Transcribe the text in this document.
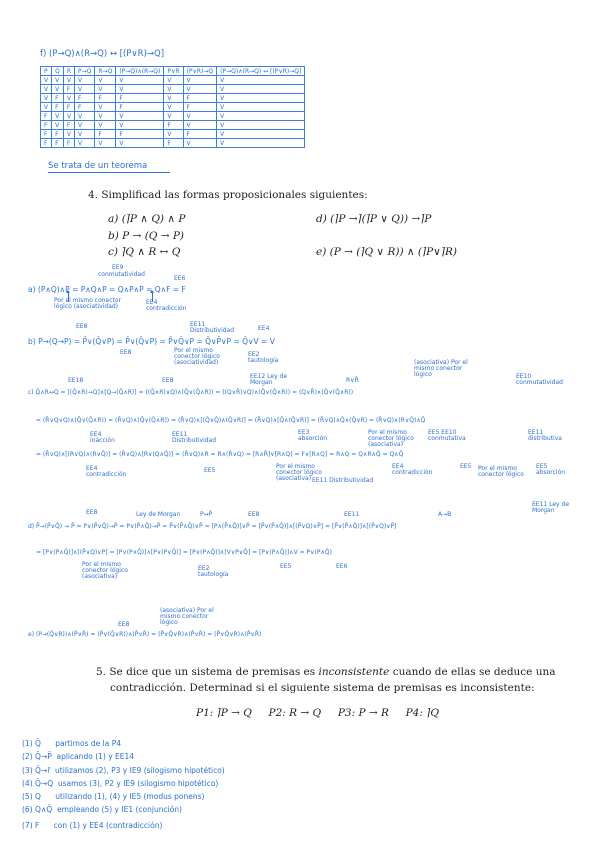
f) (P→Q)∧(R→Q) ↔ [(P∨R)→Q]
P	Q	R	P→Q	R→Q	(P→Q)∧(R→Q)	P∨R	(P∨R)→Q	(P→Q)∧(R→Q) ↔ [(P∨R)→Q]
V	V	V	V	V	V	V	V	V
V	V	F	V	V	V	V	V	V
V	F	V	F	F	F	V	F	V
V	F	F	F	V	F	V	F	V
F	V	V	V	V	V	V	V	V
F	V	F	V	V	V	F	V	V
F	F	V	V	F	F	V	F	V
F	F	F	V	V	V	F	V	V
Se trata de un teorema
4. Simplificad las formas proposicionales siguientes:
a) (⌉P ∧ Q) ∧ P	d) (⌉P →⌉(⌉P ∨ Q)) →⌉P
b) P → (Q → P)
c) ⌉Q ∧ R ↔ Q	e) (P → (⌉Q ∨ R)) ∧ (⌉P∨⌉R)
EE9
conmutatividad
EE6
a) (P∧Q)∧P = P∧Q∧P = Q∧P∧P = Q∧F = F
Por el mismo conector lógico (asociatividad)
EE4 contradicción
EE8	EE11 Distributividad	EE4
b) P→(Q→P) = P̄∨(Q̄∨P) = P̄∨(Q̄∨P) = P̄∨Q̄∨P = Q̄∨P̄∨P = Q̄∨V = V
EE8	Por el mismo conector lógico (asociatividad)
EE2 tautología
EE18	EE8
EE12 Ley de Morgan	R∨R̄
(asociativa) Por el mismo conector lógico	EE10 conmutatividad
c) Q̄∧R↔Q = [(Q̄∧R)→Q]∧[Q→(Q̄∧R)] = ((Q̄∧R)∨Q)∧(Q̄∨(Q̄∧R)) = ((Q∨R̄)∨Q)∧(Q̄∨(Q̄∧R)) = (Q∨R̄)∧(Q̄∨(Q̄∧R))
= (R̄∨Q∨Q)∧(Q̄∨(Q̄∧R)) = (R̄∨Q)∧(Q̄∨(Q̄∧R)) = (R̄∨Q)∧[(Q̄∨Q̄)∧(Q̄∨R)] = (R̄∨Q)∧[Q̄∧(Q̄∨R)] = (R̄∨Q)∧Q̄∧(Q̄∨R) = (R̄∨Q)∧(R∨Q̄)∧Q̄
EE4 inacción
EE11 Distributividad
EE3 absorción
Por el mismo conector lógico (asociativa)
EE5 EE10 conmutativa
EE11 distributiva
= (R̄∨Q)∧[(R∨Q)∧(R∨Q̄)] = (R̄∨Q)∧[R∨(Q∧Q̄)] = (R̄∨Q)∧R = R∧(R̄∨Q) = [R∧R̄]∨[R∧Q] = F∨[R∧Q] = R∧Q = Q∧R∧Q̄ = Q∧Q̄
EE4 contradicción
EE5
Por el mismo conector lógico (asociativa) EE11 Distributividad
EE4 contradicción
EE5 Por el mismo conector lógico
EE5 absorción
EE8	Ley de Morgan	P↔P̄	EE8	EE11	A→B
EE11 Ley de Morgan
d) P̄→(P̄∨Q̄) → P̄ = P∨(P̄∨Q̄)→P̄ = P∨(P̄∧Q̄)→P̄ = P̄∨(P̄∧Q̄)∨P̄ = [P∧(P̄∧Q̄)]∨P̄ = [P̄∨(P̄∧Q̄)]∧[(P̄∨Q)∨P̄] = [P̄∨(P̄∧Q̄)]∧[(P̄∨Q)∨P̄]
= [P∨(P∧Q̄)]∧[(P̄∨Q)∨P] = [P∨(P∧Q̄)]∧[P∨(P∨Q̄)] = [P∨(P∧Q̄)]∧[V∨P∨Q̄] = [P∨(P∧Q̄)]∧V = P∨(P∧Q̄)
Por el mismo conector lógico (asociativa)
EE2 tautología
EE5	EE6
(asociativa) Por el mismo conector lógico
EE8
e) (P→(Q̄∨R))∧(P̄∨R̄) = (P̄∨(Q̄∨R))∧(P̄∨R̄) = (P̄∨Q̄∨R)∧(P̄∨R̄) = (P̄∨Q̄∨R)∧(P̄∨R̄)
5. Se dice que un sistema de premisas es inconsistente cuando de ellas se deduce una
contradicción. Determinad si el siguiente sistema de premisas es inconsistente:
P1: ⌉P → Q     P2: R → Q     P3: P → R     P4: ⌉Q
(1) Q̄      partimos de la P4
(2) Q̄→P̄  aplicando (1) y EE14
(3) Q̄→r̄  utilizamos (2), P3 y IE9 (silogismo hipotético)
(4) Q̄→Q  usamos (3), P2 y IE9 (silogismo hipotético)
(5) Q      utilizando (1), (4) y IE5 (modus ponens)
(6) Q∧Q̄  empleando (5) y IE1 (conjunción)
(7) F      con (1) y EE4 (contradicción)
